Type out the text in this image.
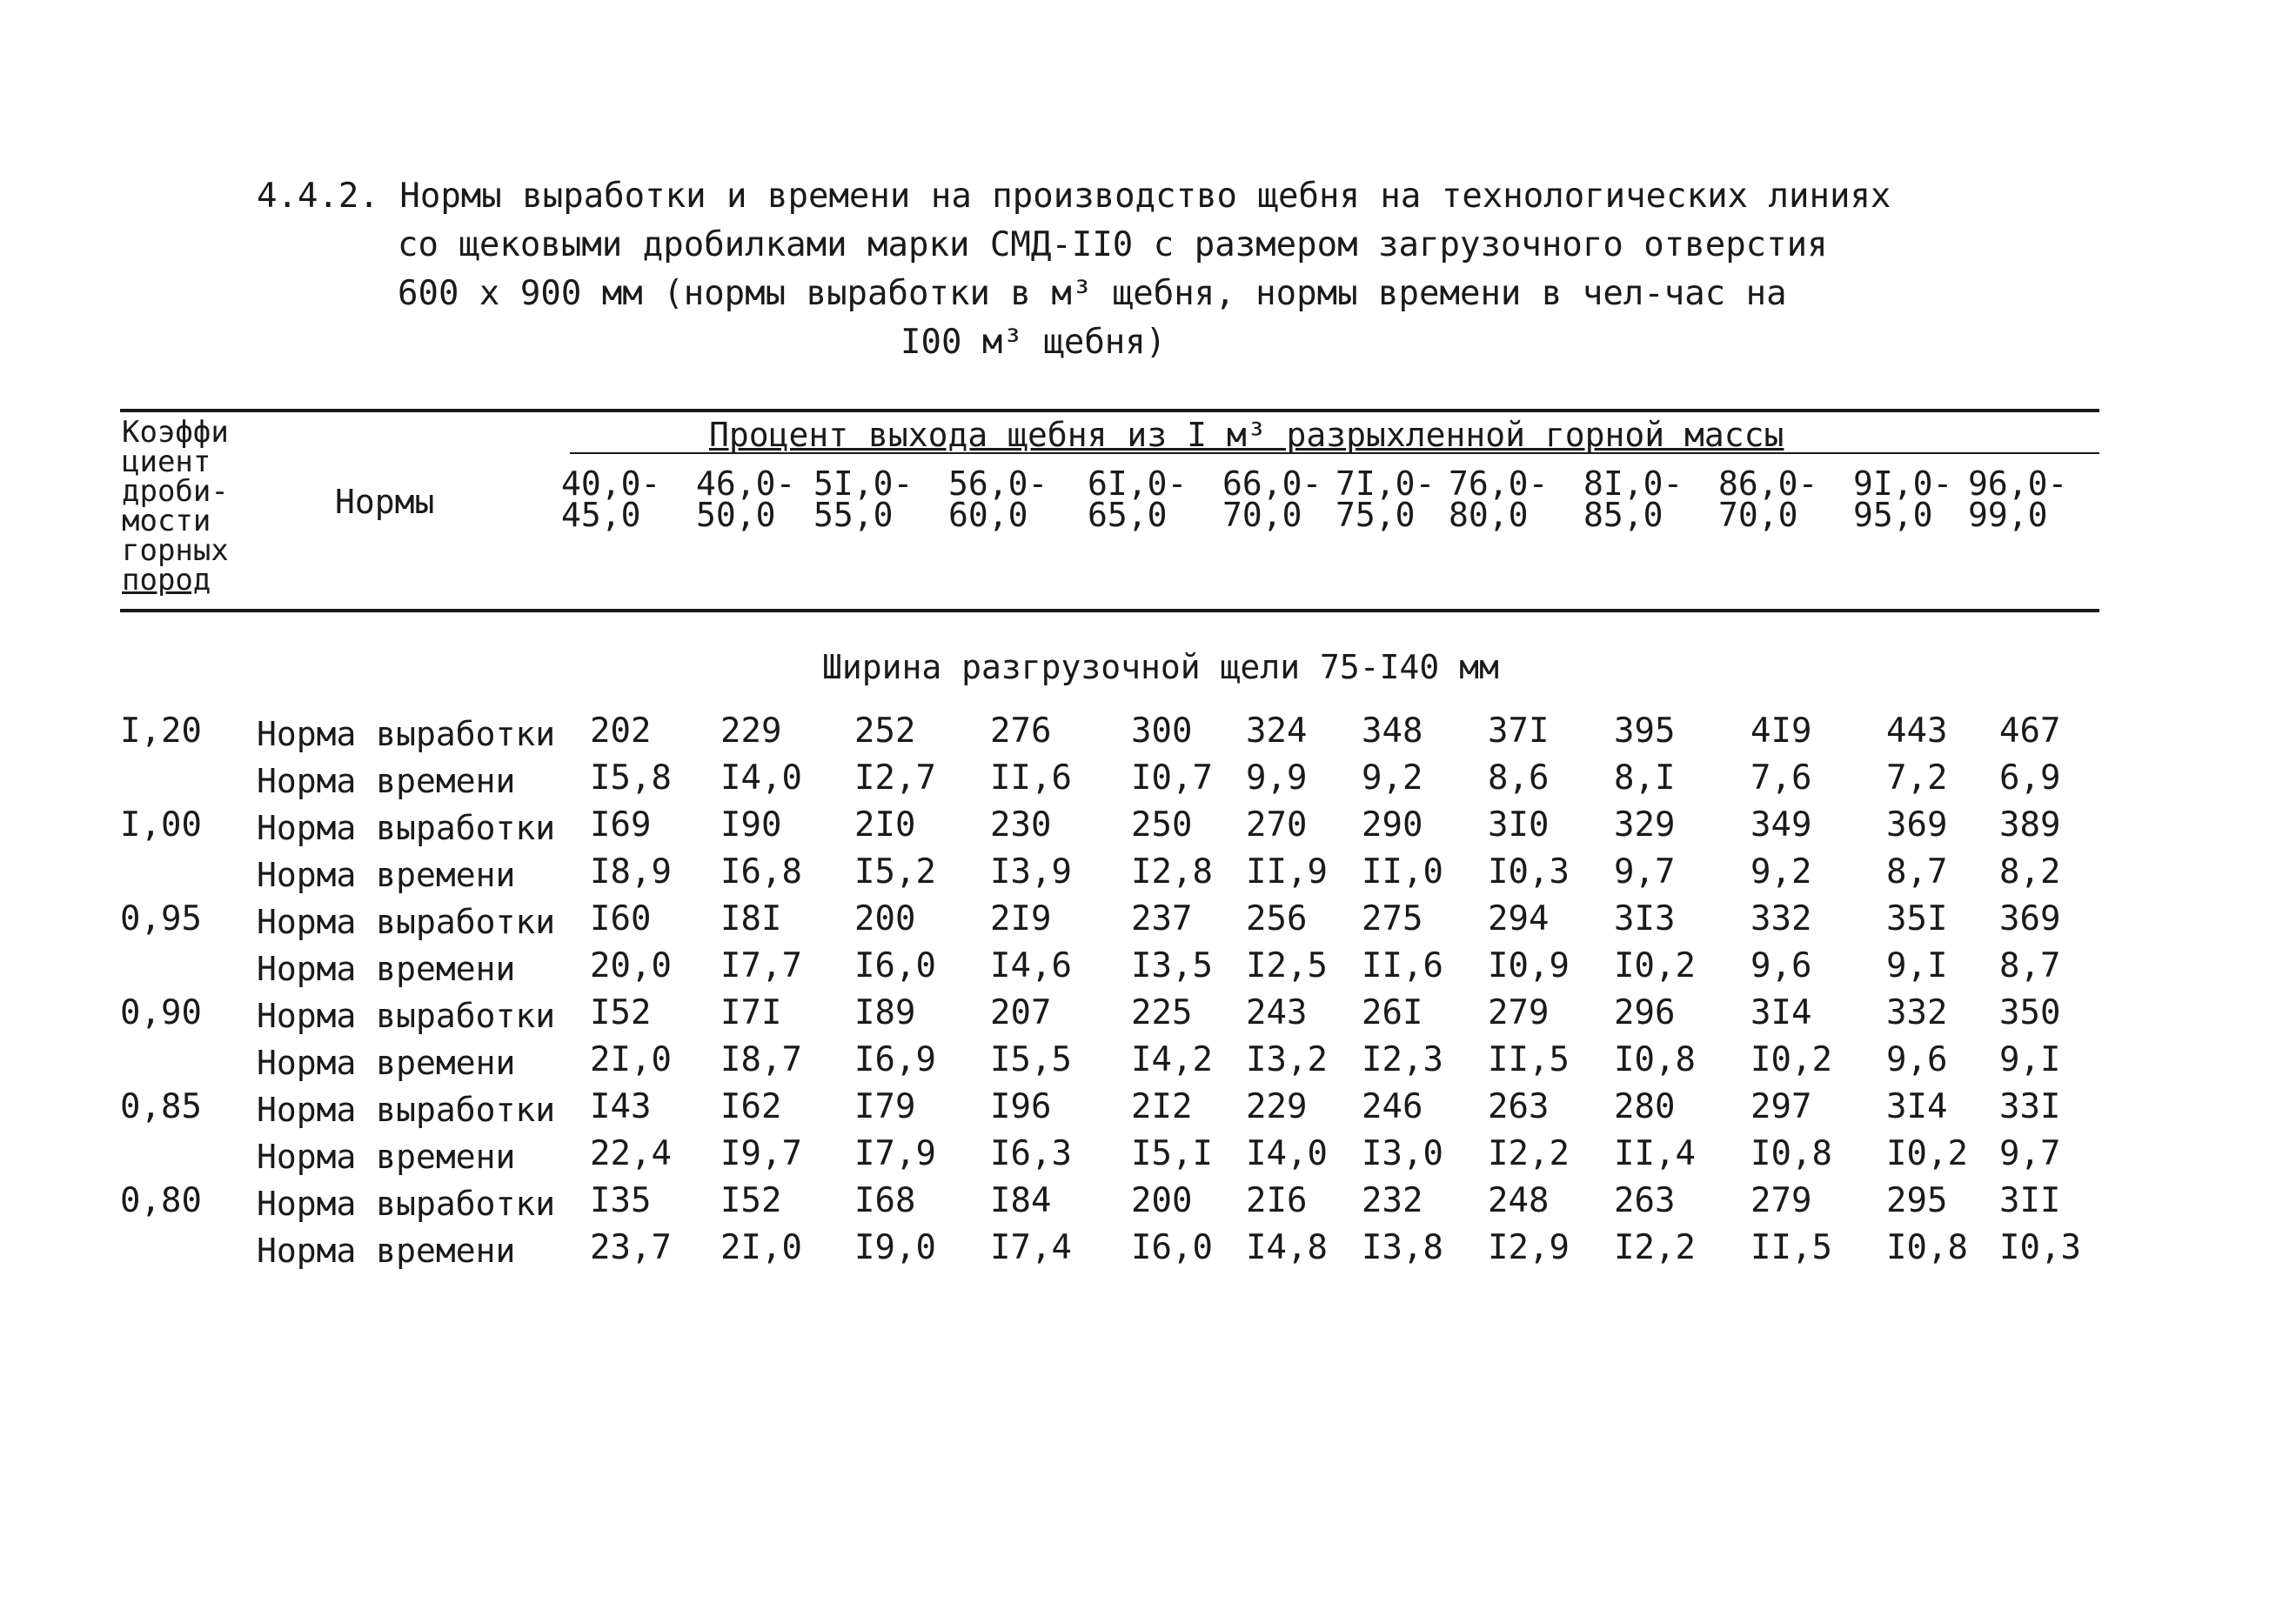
4.4.2. Нормы выработки и времени на производство щебня на технологических линиях
со щековыми дробилками марки СМД-II0 с размером загрузочного отверстия
600 х 900 мм (нормы выработки в м³ щебня, нормы времени в чел-час на
I00 м³ щебня)
Коэффи
циент
дроби-
мости
горных
пород
Нормы
Процент выхода щебня из I м³ разрыхленной горной массы
40,0-
45,0
46,0-
50,0
5I,0-
55,0
56,0-
60,0
6I,0-
65,0
66,0-
70,0
7I,0-
75,0
76,0-
80,0
8I,0-
85,0
86,0-
70,0
9I,0-
95,0
96,0-
99,0
Ширина разгрузочной щели 75-I40 мм
I,20 Норма выработки 202 229 252 276 300 324 348 37I 395 4I9 443 467
Норма времени I5,8 I4,0 I2,7 II,6 I0,7 9,9 9,2 8,6 8,I 7,6 7,2 6,9
I,00 Норма выработки I69 I90 2I0 230 250 270 290 3I0 329 349 369 389
Норма времени I8,9 I6,8 I5,2 I3,9 I2,8 II,9 II,0 I0,3 9,7 9,2 8,7 8,2
0,95 Норма выработки I60 I8I 200 2I9 237 256 275 294 3I3 332 35I 369
Норма времени 20,0 I7,7 I6,0 I4,6 I3,5 I2,5 II,6 I0,9 I0,2 9,6 9,I 8,7
0,90 Норма выработки I52 I7I I89 207 225 243 26I 279 296 3I4 332 350
Норма времени 2I,0 I8,7 I6,9 I5,5 I4,2 I3,2 I2,3 II,5 I0,8 I0,2 9,6 9,I
0,85 Норма выработки I43 I62 I79 I96 2I2 229 246 263 280 297 3I4 33I
Норма времени 22,4 I9,7 I7,9 I6,3 I5,I I4,0 I3,0 I2,2 II,4 I0,8 I0,2 9,7
0,80 Норма выработки I35 I52 I68 I84 200 2I6 232 248 263 279 295 3II
Норма времени 23,7 2I,0 I9,0 I7,4 I6,0 I4,8 I3,8 I2,9 I2,2 II,5 I0,8 I0,3
